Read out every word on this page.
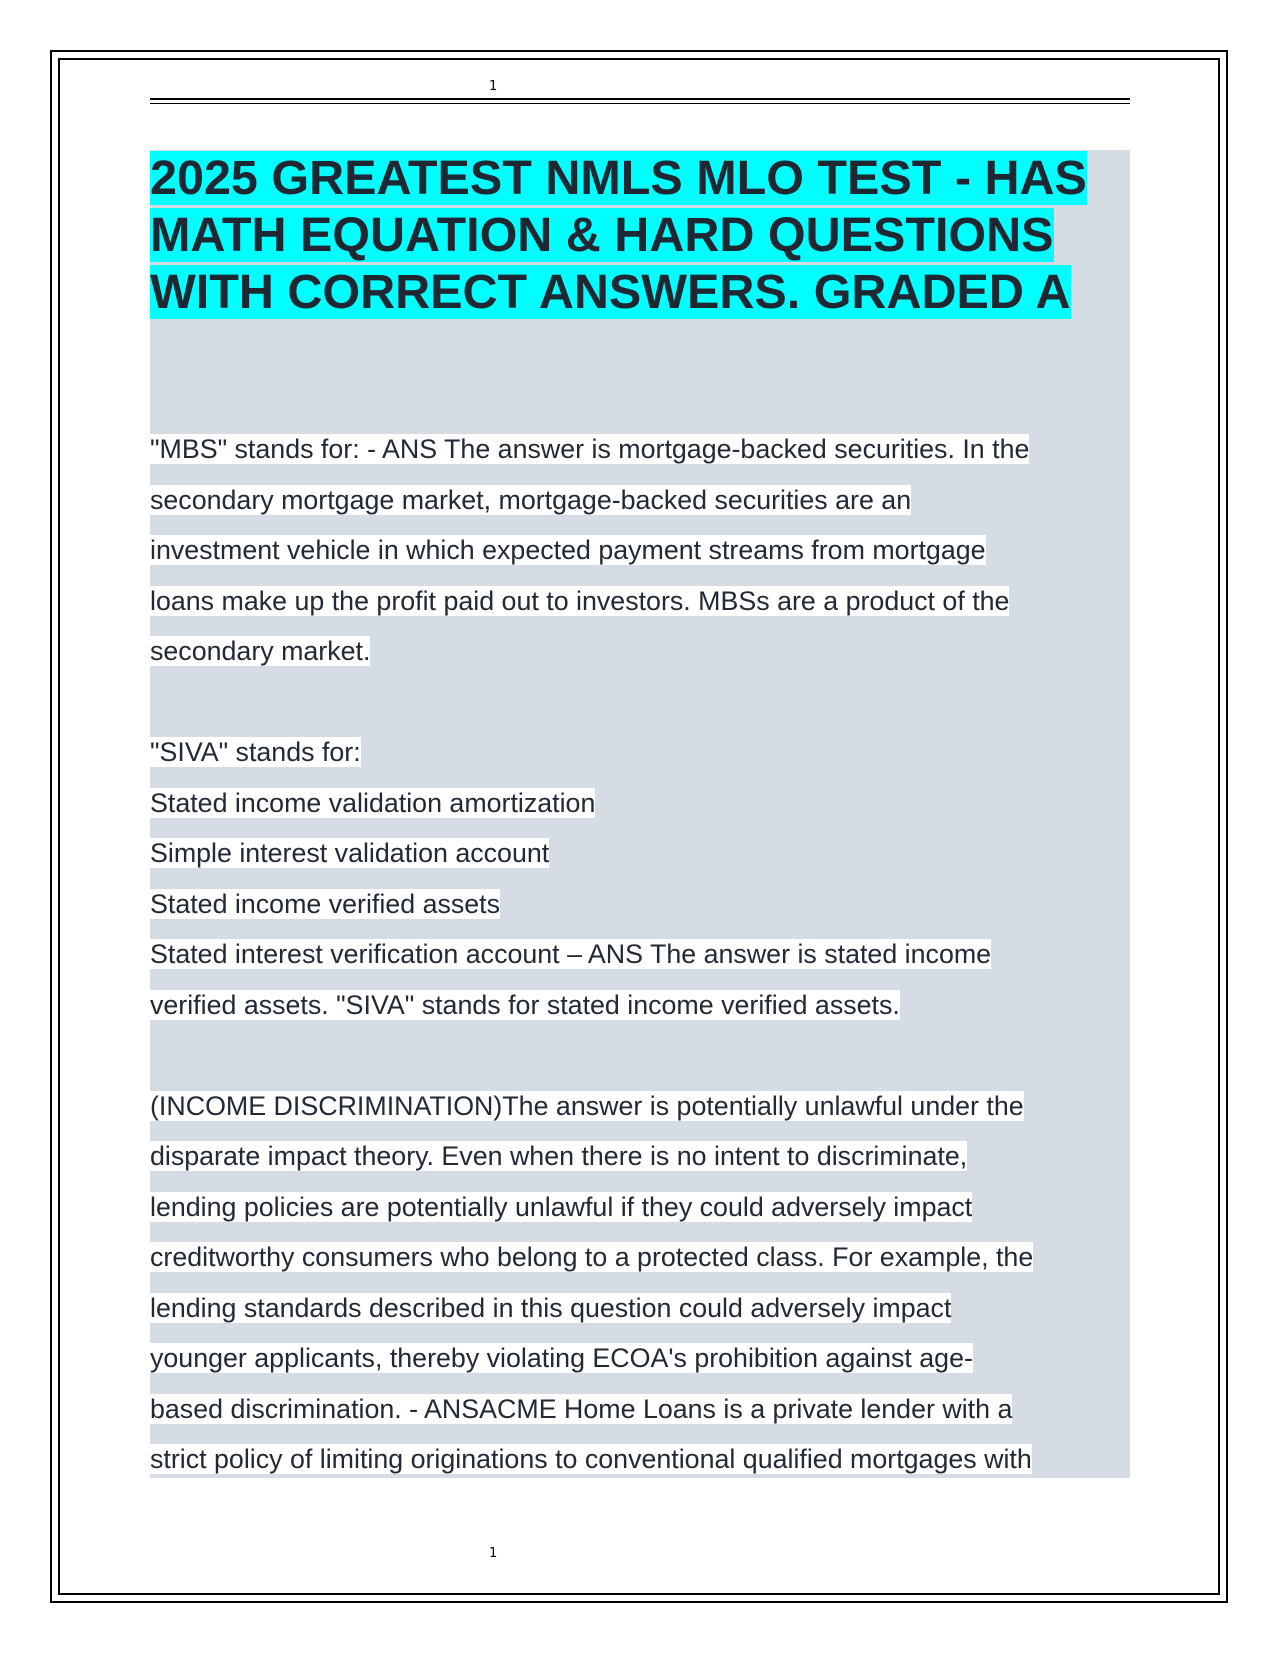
1
2025 GREATEST NMLS MLO TEST - HAS
MATH EQUATION & HARD QUESTIONS
WITH CORRECT ANSWERS. GRADED A

"MBS" stands for: - ANS The answer is mortgage-backed securities. In the
secondary mortgage market, mortgage-backed securities are an
investment vehicle in which expected payment streams from mortgage
loans make up the profit paid out to investors. MBSs are a product of the
secondary market.

"SIVA" stands for:
Stated income validation amortization
Simple interest validation account
Stated income verified assets
Stated interest verification account – ANS The answer is stated income
verified assets. "SIVA" stands for stated income verified assets.

(INCOME DISCRIMINATION)The answer is potentially unlawful under the
disparate impact theory. Even when there is no intent to discriminate,
lending policies are potentially unlawful if they could adversely impact
creditworthy consumers who belong to a protected class. For example, the
lending standards described in this question could adversely impact
younger applicants, thereby violating ECOA's prohibition against age-
based discrimination. - ANSACME Home Loans is a private lender with a
strict policy of limiting originations to conventional qualified mortgages with

1
